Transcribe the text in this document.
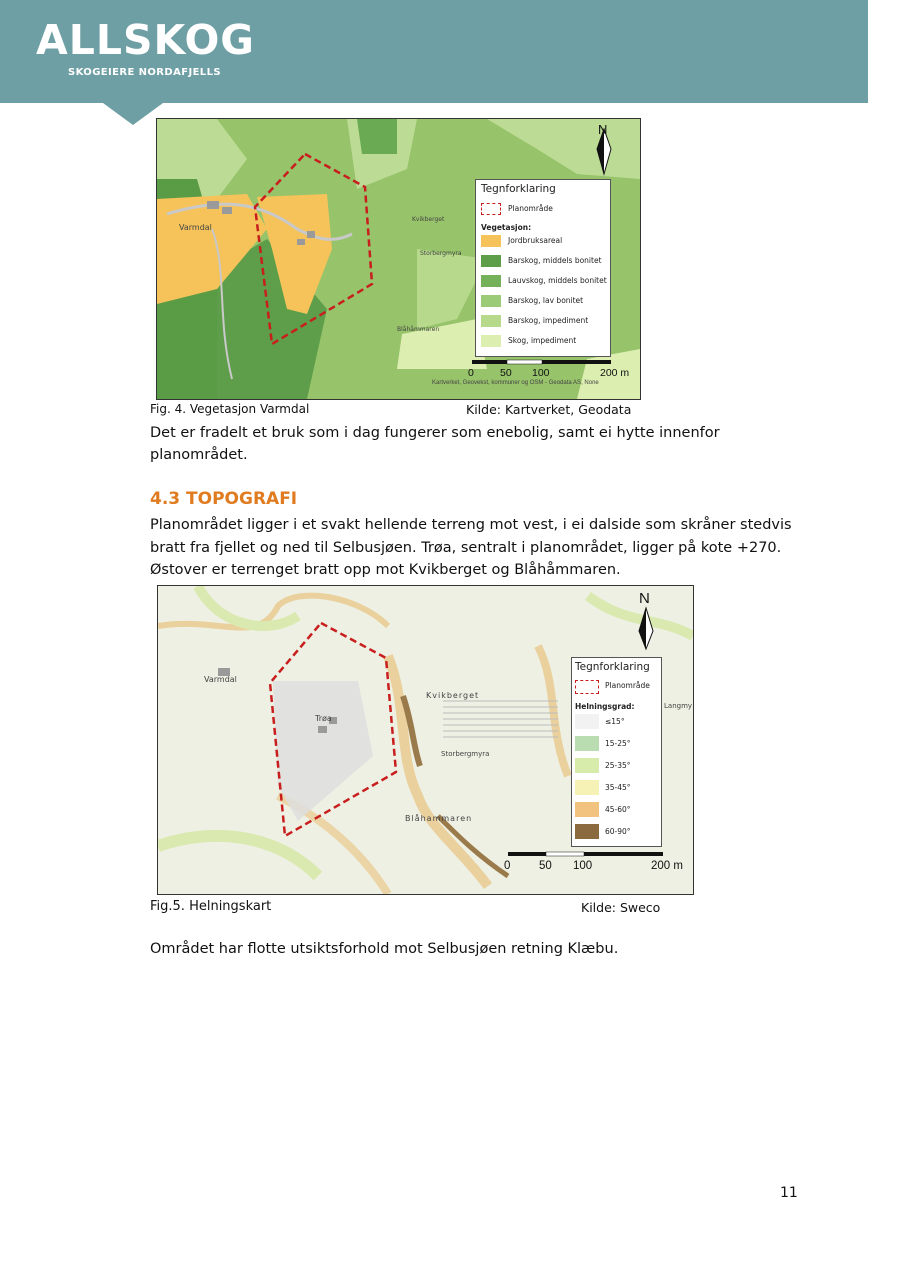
ALLSKOG
SKOGEIERE NORDAFJELLS
N
Varmdal
Kvikberget
Storbergmyra
Blåhåmmaren
Tegnforklaring
Planområde
Vegetasjon:
Jordbruksareal
Barskog, middels bonitet
Lauvskog, middels bonitet
Barskog, lav bonitet
Barskog, impediment
Skog, impediment
0 50 100	200 m
Kartverket, Geovekst, kommuner og OSM - Geodata AS, None
Fig. 4. Vegetasjon Varmdal	Kilde: Kartverket, Geodata
Det er fradelt et bruk som i dag fungerer som enebolig, samt ei hytte innenfor
planområdet.
4.3 TOPOGRAFI
Planområdet ligger i et svakt hellende terreng mot vest, i ei dalside som skråner stedvis
bratt fra fjellet og ned til Selbusjøen. Trøa, sentralt i planområdet, ligger på kote +270.
Østover er terrenget bratt opp mot Kvikberget og Blåhåmmaren.
N
Varmdal
Trøa
Kvikberget
Storbergmyra
Blåhammaren
Langmy
Tegnforklaring
Planområde
Helningsgrad:
≤15°
15-25°
25-35°
35-45°
45-60°
60-90°
0 50 100	200 m
Fig.5. Helningskart	Kilde: Sweco
Området har flotte utsiktsforhold mot Selbusjøen retning Klæbu.
11
